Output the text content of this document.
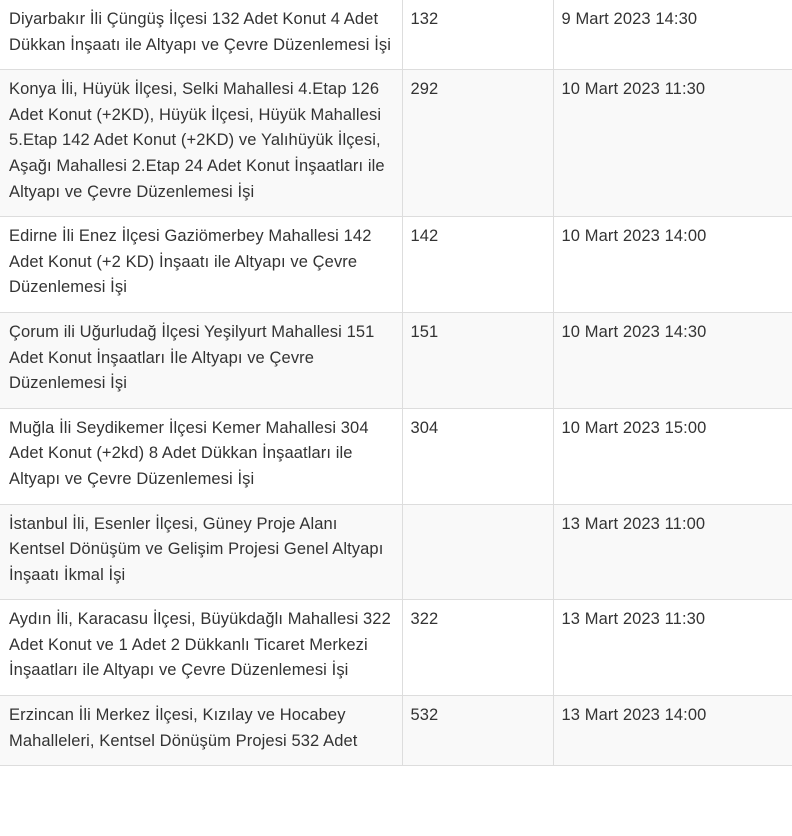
Diyarbakır İli Çüngüş İlçesi 132 Adet Konut 4 Adet Dükkan İnşaatı ile Altyapı ve Çevre Düzenlemesi İşi	132	9 Mart 2023 14:30
Konya İli, Hüyük İlçesi, Selki Mahallesi 4.Etap 126 Adet Konut (+2KD), Hüyük İlçesi, Hüyük Mahallesi 5.Etap 142 Adet Konut (+2KD) ve Yalıhüyük İlçesi, Aşağı Mahallesi 2.Etap 24 Adet Konut İnşaatları ile Altyapı ve Çevre Düzenlemesi İşi	292	10 Mart 2023 11:30
Edirne İli Enez İlçesi Gaziömerbey Mahallesi 142 Adet Konut (+2 KD) İnşaatı ile Altyapı ve Çevre Düzenlemesi İşi	142	10 Mart 2023 14:00
Çorum ili Uğurludağ İlçesi Yeşilyurt Mahallesi 151 Adet Konut İnşaatları İle Altyapı ve Çevre Düzenlemesi İşi	151	10 Mart 2023 14:30
Muğla İli Seydikemer İlçesi Kemer Mahallesi 304 Adet Konut (+2kd) 8 Adet Dükkan İnşaatları ile Altyapı ve Çevre Düzenlemesi İşi	304	10 Mart 2023 15:00
İstanbul İli, Esenler İlçesi, Güney Proje Alanı Kentsel Dönüşüm ve Gelişim Projesi Genel Altyapı İnşaatı İkmal İşi		13 Mart 2023 11:00
Aydın İli, Karacasu İlçesi, Büyükdağlı Mahallesi 322 Adet Konut ve 1 Adet 2 Dükkanlı Ticaret Merkezi İnşaatları ile Altyapı ve Çevre Düzenlemesi İşi	322	13 Mart 2023 11:30
Erzincan İli Merkez İlçesi, Kızılay ve Hocabey Mahalleleri, Kentsel Dönüşüm Projesi 532 Adet	532	13 Mart 2023 14:00
